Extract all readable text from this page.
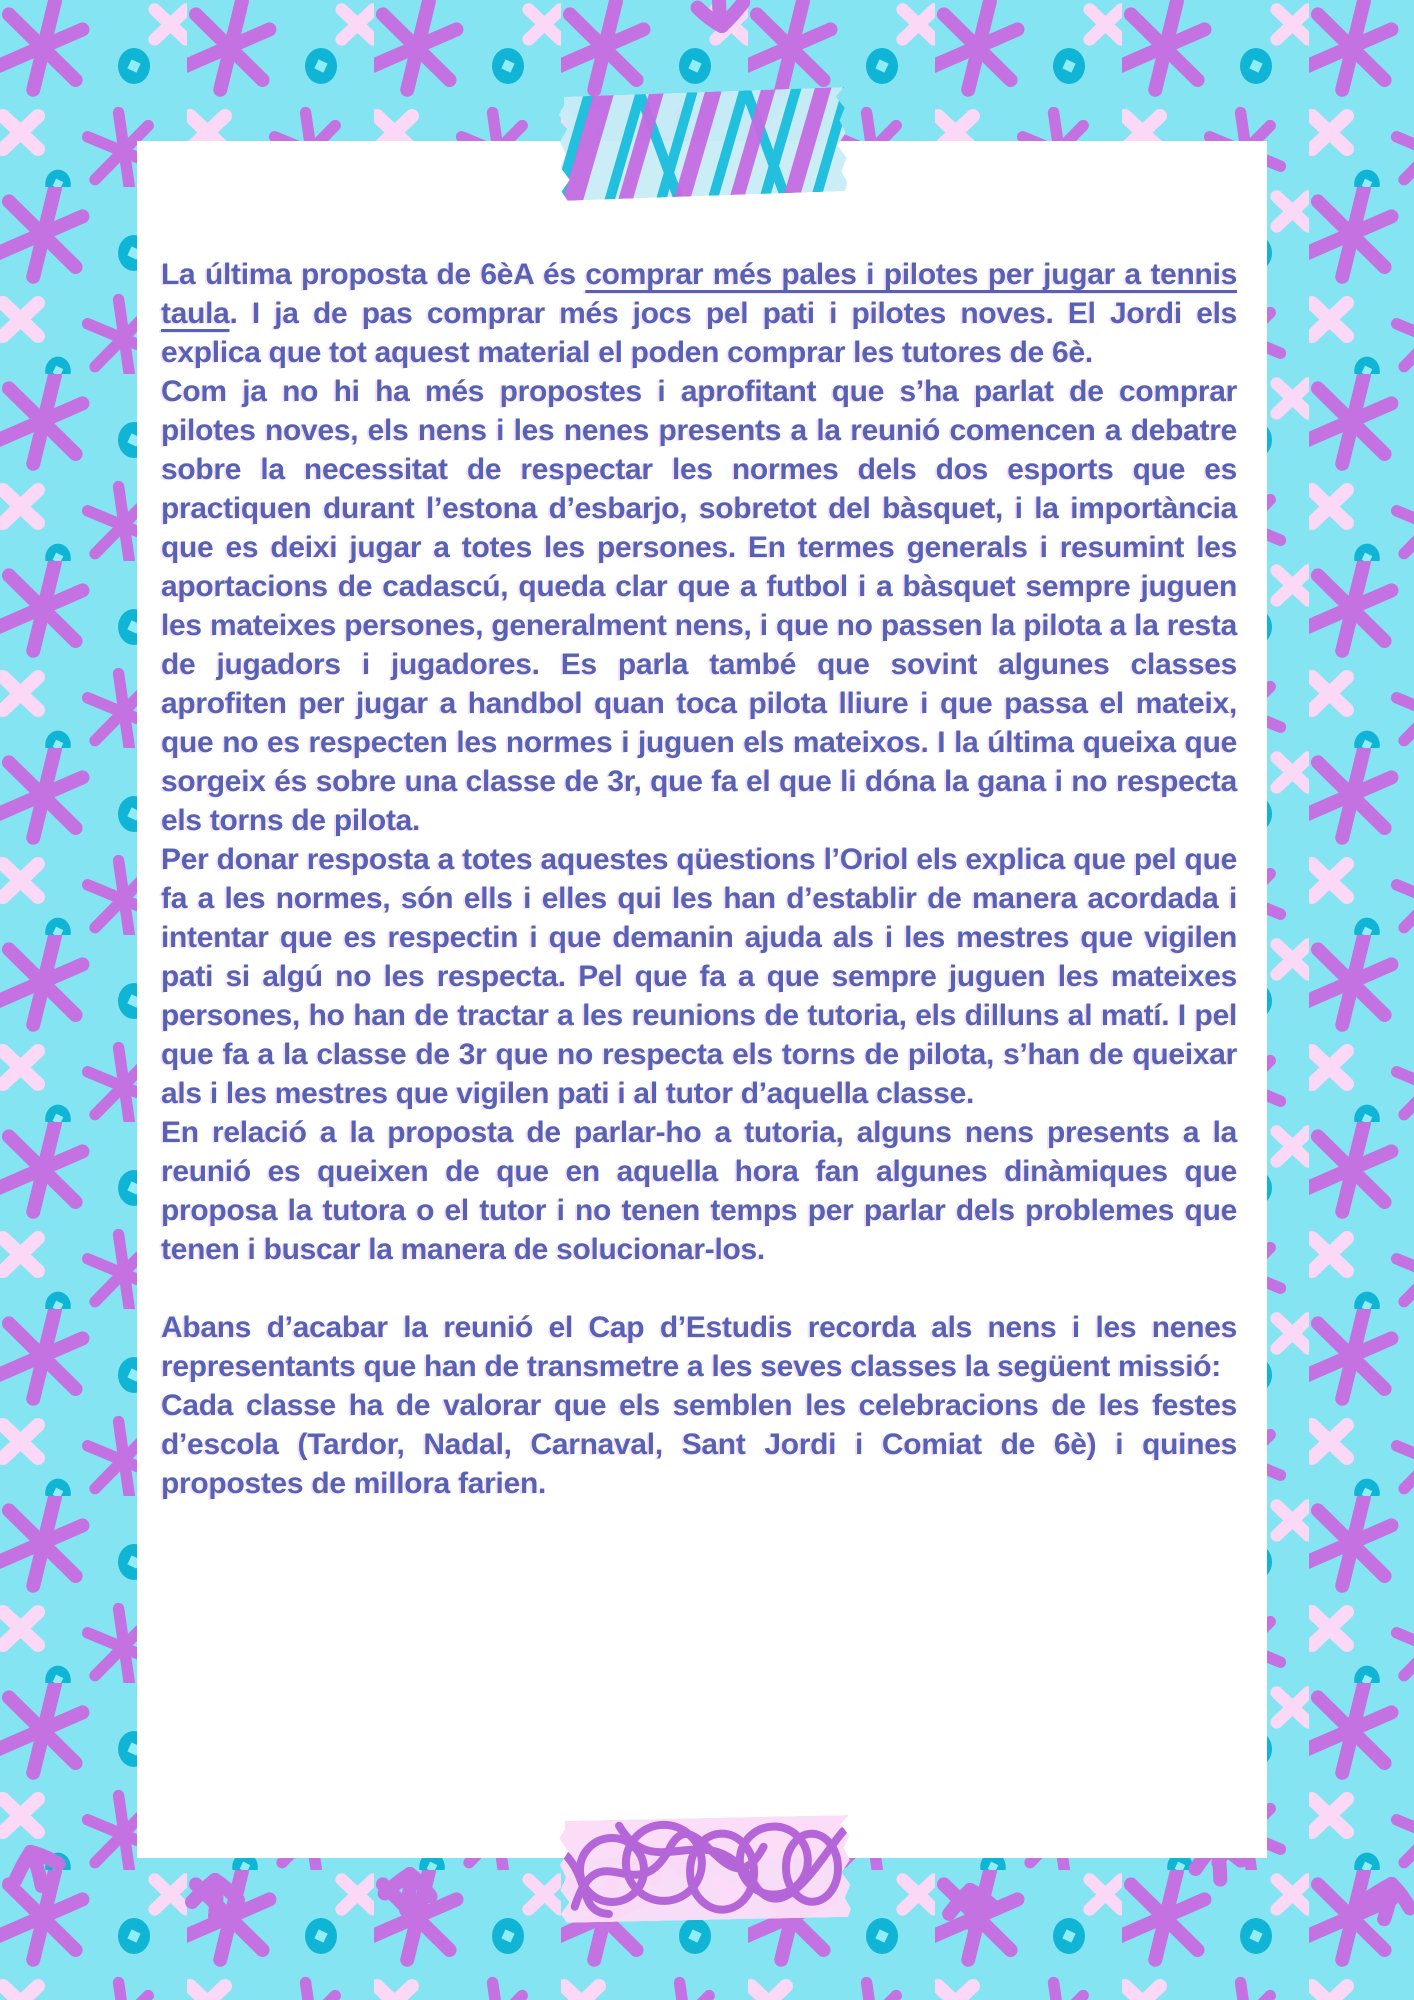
La última proposta de 6èA és comprar més pales i pilotes per jugar a tennis taula. I ja de pas comprar més jocs pel pati i pilotes noves. El Jordi els explica que tot aquest material el poden comprar les tutores de 6è.

Com ja no hi ha més propostes i aprofitant que s’ha parlat de comprar pilotes noves, els nens i les nenes presents a la reunió comencen a debatre sobre la necessitat de respectar les normes dels dos esports que es practiquen durant l’estona d’esbarjo, sobretot del bàsquet, i la importància que es deixi jugar a totes les persones. En termes generals i resumint les aportacions de cadascú, queda clar que a futbol i a bàsquet sempre juguen les mateixes persones, generalment nens, i que no passen la pilota a la resta de jugadors i jugadores. Es parla també que sovint algunes classes aprofiten per jugar a handbol quan toca pilota lliure i que passa el mateix, que no es respecten les normes i juguen els mateixos. I la última queixa que sorgeix és sobre una classe de 3r, que fa el que li dóna la gana i no respecta els torns de pilota.

Per donar resposta a totes aquestes qüestions l’Oriol els explica que pel que fa a les normes, són ells i elles qui les han d’establir de manera acordada i intentar que es respectin i que demanin ajuda als i les mestres que vigilen pati si algú no les respecta. Pel que fa a que sempre juguen les mateixes persones, ho han de tractar a les reunions de tutoria, els dilluns al matí. I pel que fa a la classe de 3r que no respecta els torns de pilota, s’han de queixar als i les mestres que vigilen pati i al tutor d’aquella classe.

En relació a la proposta de parlar-ho a tutoria, alguns nens presents a la reunió es queixen de que en aquella hora fan algunes dinàmiques que proposa la tutora o el tutor i no tenen temps per parlar dels problemes que tenen i buscar la manera de solucionar-los.

Abans d’acabar la reunió el Cap d’Estudis recorda als nens i les nenes representants que han de transmetre a les seves classes la següent missió:

Cada classe ha de valorar que els semblen les celebracions de les festes d’escola (Tardor, Nadal, Carnaval, Sant Jordi i Comiat de 6è) i quines propostes de millora farien.
